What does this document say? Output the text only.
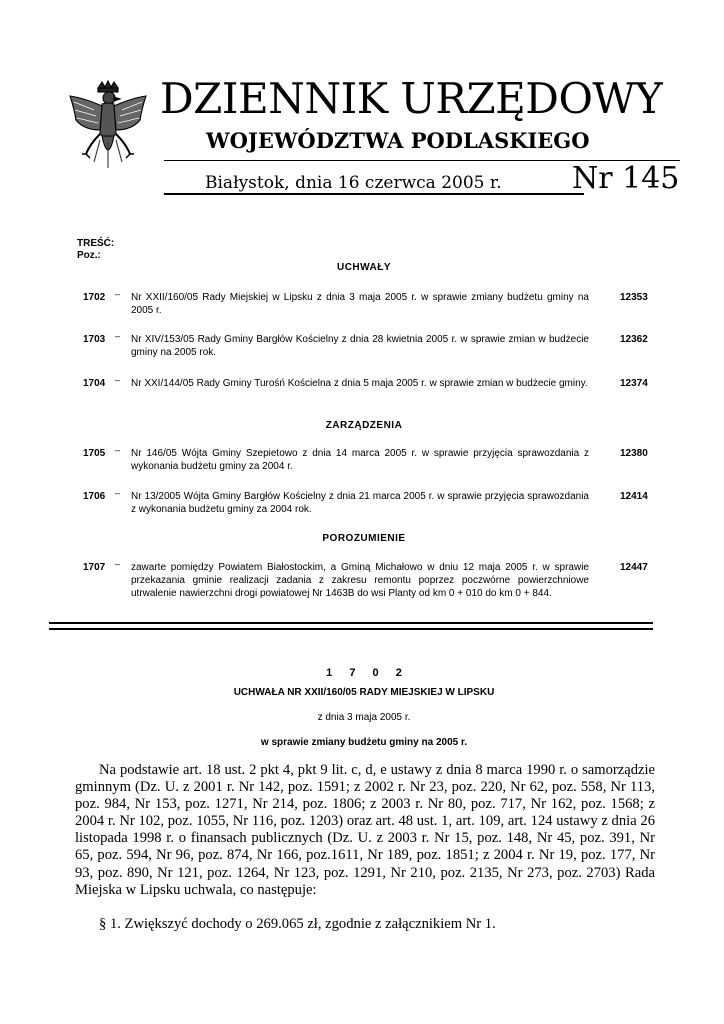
DZIENNIK URZĘDOWY
WOJEWÓDZTWA PODLASKIEGO
Białystok, dnia 16 czerwca 2005 r. Nr 145
TREŚĆ:
Poz.:
UCHWAŁY
1702 – Nr XXII/160/05 Rady Miejskiej w Lipsku z dnia 3 maja 2005 r. w sprawie zmiany budżetu gminy na 2005 r.
12353
1703 – Nr XIV/153/05 Rady Gminy Bargłów Kościelny z dnia 28 kwietnia 2005 r. w sprawie zmian w budżecie gminy na 2005 rok.
12362
1704 – Nr XXI/144/05 Rady Gminy Turośń Kościelna z dnia 5 maja 2005 r. w sprawie zmian w budżecie gminy.	12374
ZARZĄDZENIA
1705 – Nr 146/05 Wójta Gminy Szepietowo z dnia 14 marca 2005 r. w sprawie przyjęcia sprawozdania z wykonania budżetu gminy za 2004 r.
12380
1706 – Nr 13/2005 Wójta Gminy Bargłów Kościelny z dnia 21 marca 2005 r. w sprawie przyjęcia sprawozdania z wykonania budżetu gminy za 2004 rok.
12414
POROZUMIENIE
1707 – zawarte pomiędzy Powiatem Białostockim, a Gminą Michałowo w dniu 12 maja 2005 r. w sprawie przekazania gminie realizacji zadania z zakresu remontu poprzez poczwórne powierzchniowe utrwalenie nawierzchni drogi powiatowej Nr 1463B do wsi Planty od km 0 + 010 do km 0 + 844.
12447
1 7 0 2
UCHWAŁA NR XXII/160/05 RADY MIEJSKIEJ W LIPSKU
z dnia 3 maja 2005 r.
w sprawie zmiany budżetu gminy na 2005 r.
Na podstawie art. 18 ust. 2 pkt 4, pkt 9 lit. c, d, e ustawy z dnia 8 marca 1990 r. o samorządzie gminnym (Dz. U. z 2001 r. Nr 142, poz. 1591; z 2002 r. Nr 23, poz. 220, Nr 62, poz. 558, Nr 113, poz. 984, Nr 153, poz. 1271, Nr 214, poz. 1806; z 2003 r. Nr 80, poz. 717, Nr 162, poz. 1568; z 2004 r. Nr 102, poz. 1055, Nr 116, poz. 1203) oraz art. 48 ust. 1, art. 109, art. 124 ustawy z dnia 26 listopada 1998 r. o finansach publicznych (Dz. U. z 2003 r. Nr 15, poz. 148, Nr 45, poz. 391, Nr 65, poz. 594, Nr 96, poz. 874, Nr 166, poz.1611, Nr 189, poz. 1851; z 2004 r. Nr 19, poz. 177, Nr 93, poz. 890, Nr 121, poz. 1264, Nr 123, poz. 1291, Nr 210, poz. 2135, Nr 273, poz. 2703) Rada Miejska w Lipsku uchwala, co następuje:
§ 1. Zwiększyć dochody o 269.065 zł, zgodnie z załącznikiem Nr 1.
